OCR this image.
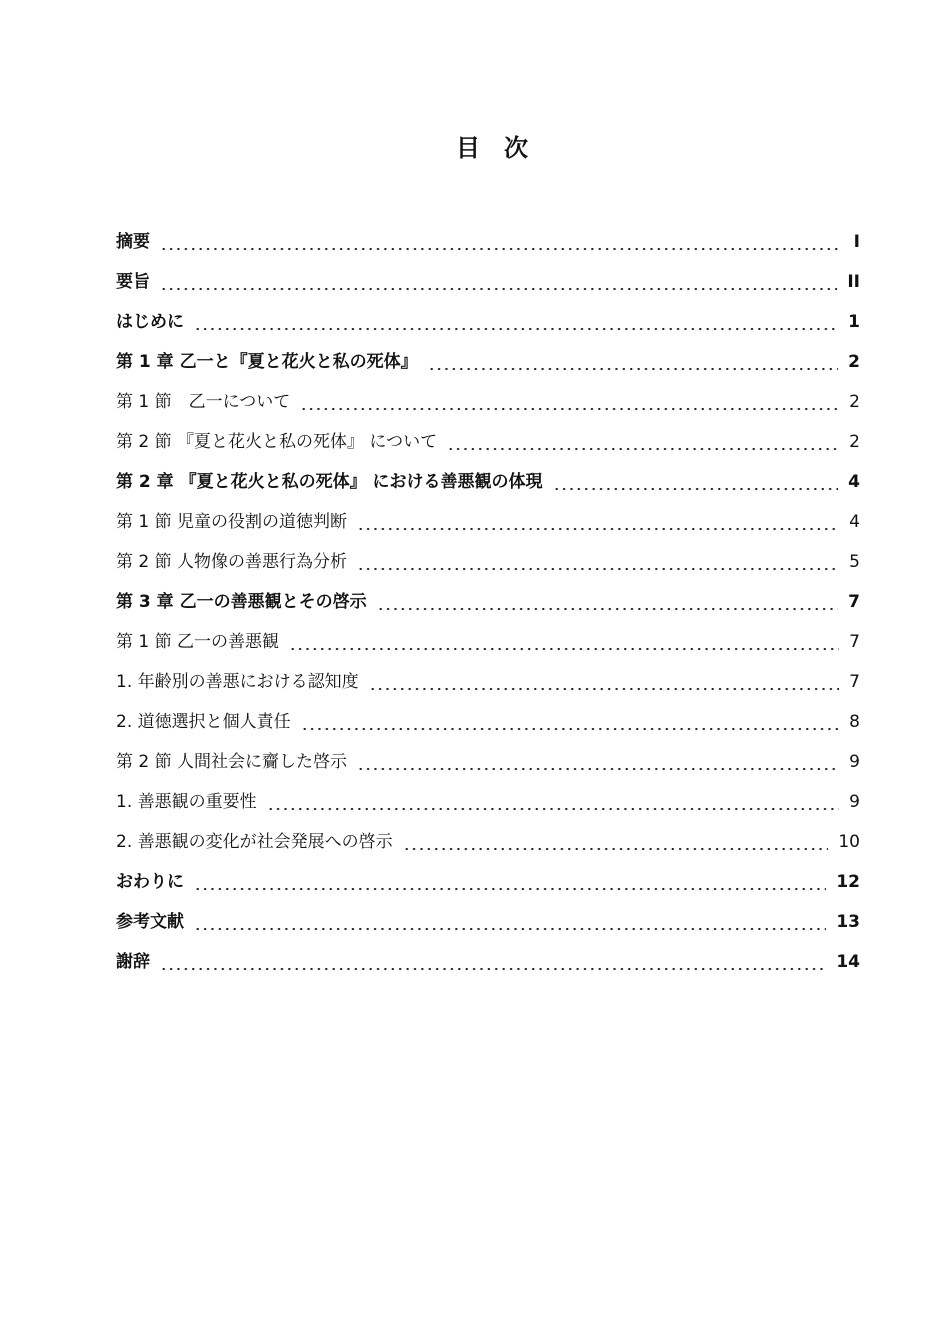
目　次
摘要	I
要旨	II
はじめに	1
第 1 章 乙一と『夏と花火と私の死体』	2
第 1 節　乙一について	2
第 2 節 『夏と花火と私の死体』 について	2
第 2 章 『夏と花火と私の死体』 における善悪観の体現	4
第 1 節 児童の役割の道徳判断	4
第 2 節 人物像の善悪行為分析	5
第 3 章 乙一の善悪観とその啓示	7
第 1 節 乙一の善悪観	7
1. 年齢別の善悪における認知度	7
2. 道徳選択と個人責任	8
第 2 節 人間社会に齎した啓示	9
1. 善悪観の重要性	9
2. 善悪観の変化が社会発展への啓示	10
おわりに	12
参考文献	13
謝辞	14
